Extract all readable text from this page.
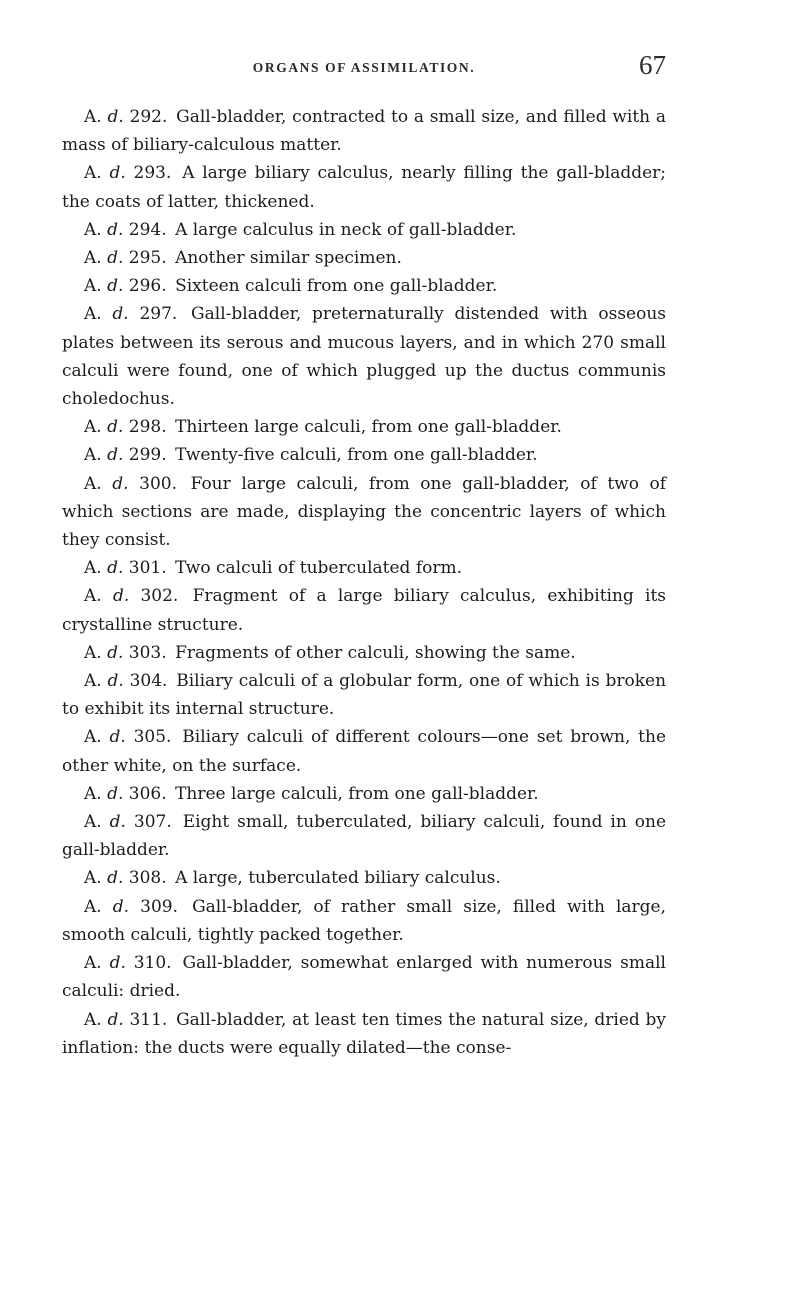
ORGANS OF ASSIMILATION.	67

A. d. 292. Gall-bladder, contracted to a small size, and filled with a mass of biliary-calculous matter.

A. d. 293. A large biliary calculus, nearly filling the gall-bladder; the coats of latter, thickened.

A. d. 294. A large calculus in neck of gall-bladder.

A. d. 295. Another similar specimen.

A. d. 296. Sixteen calculi from one gall-bladder.

A. d. 297. Gall-bladder, preternaturally distended with osseous plates between its serous and mucous layers, and in which 270 small calculi were found, one of which plugged up the ductus communis choledochus.

A. d. 298. Thirteen large calculi, from one gall-bladder.

A. d. 299. Twenty-five calculi, from one gall-bladder.

A. d. 300. Four large calculi, from one gall-bladder, of two of which sections are made, displaying the concentric layers of which they consist.

A. d. 301. Two calculi of tuberculated form.

A. d. 302. Fragment of a large biliary calculus, exhibiting its crystalline structure.

A. d. 303. Fragments of other calculi, showing the same.

A. d. 304. Biliary calculi of a globular form, one of which is broken to exhibit its internal structure.

A. d. 305. Biliary calculi of different colours—one set brown, the other white, on the surface.

A. d. 306. Three large calculi, from one gall-bladder.

A. d. 307. Eight small, tuberculated, biliary calculi, found in one gall-bladder.

A. d. 308. A large, tuberculated biliary calculus.

A. d. 309. Gall-bladder, of rather small size, filled with large, smooth calculi, tightly packed together.

A. d. 310. Gall-bladder, somewhat enlarged with numerous small calculi: dried.

A. d. 311. Gall-bladder, at least ten times the natural size, dried by inflation: the ducts were equally dilated—the conse-
